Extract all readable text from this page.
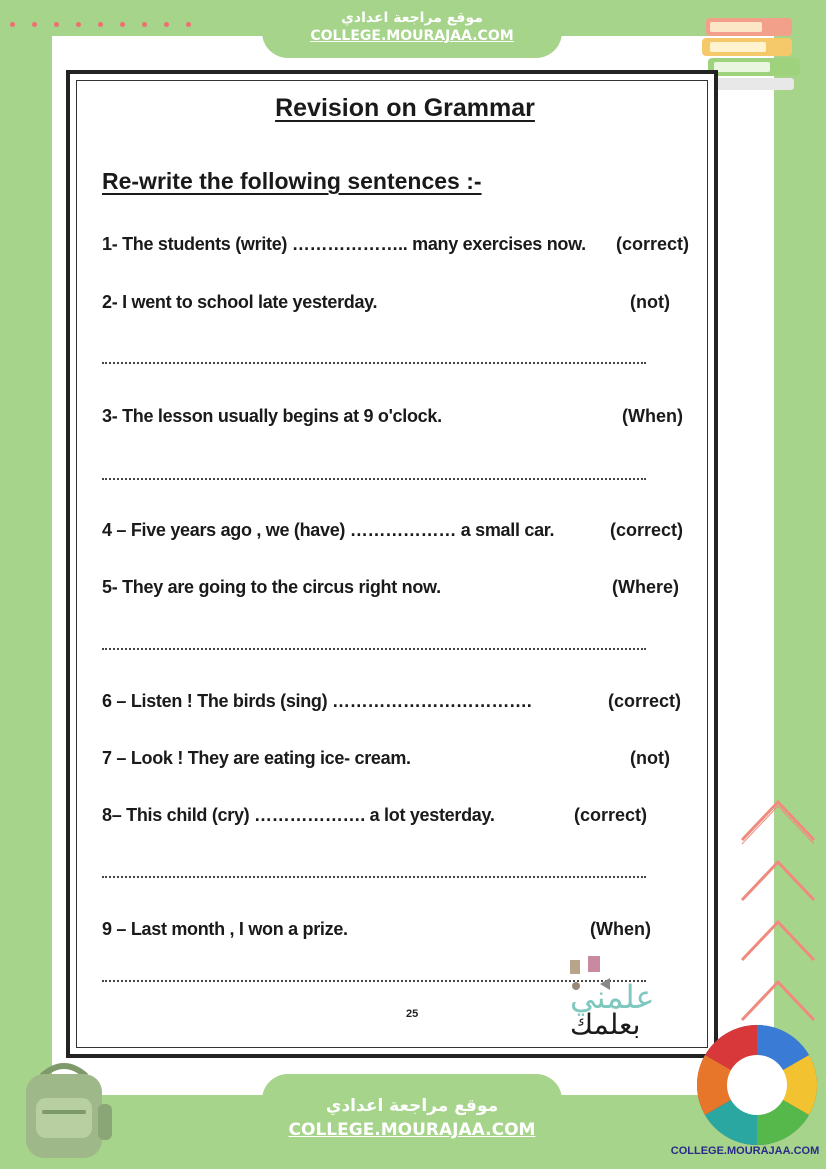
موقع مراجعة اعدادي
COLLEGE.MOURAJAA.COM
Revision on Grammar
Re-write the following sentences :-
1- The students (write) ……………….. many exercises now. (correct)
2- I went to school late yesterday.	(not)
3- The lesson usually begins at 9 o'clock.	(When)
4 – Five years ago , we (have) ……………… a small car.	(correct)
5- They are going to the circus right now.	(Where)
6 – Listen ! The birds (sing) …………………………….	(correct)
7 – Look ! They are eating ice- cream.	(not)
8– This child (cry) ………………. a lot yesterday.	(correct)
9 – Last month , I won a prize.	(When)
25	علمني
بعلمك
موقع مراجعة اعدادي
COLLEGE.MOURAJAA.COM
COLLEGE.MOURAJAA.COM
